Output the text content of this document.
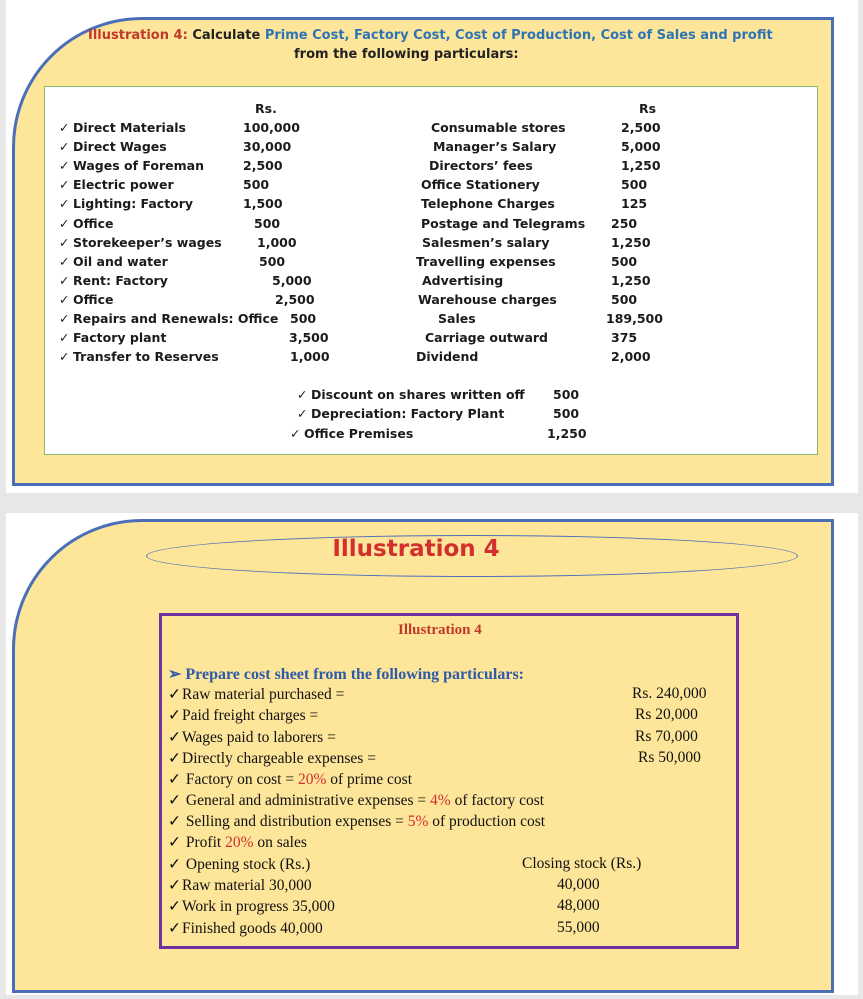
Illustration 4: Calculate Prime Cost, Factory Cost, Cost of Production, Cost of Sales and profit
from the following particulars:
Rs.	Rs
✓ Direct Materials	100,000
✓ Direct Wages	30,000
✓ Wages of Foreman	2,500
✓ Electric power	500
✓ Lighting: Factory	1,500
✓ Office	500
✓ Storekeeper’s wages	1,000
✓ Oil and water	500
✓ Rent: Factory	5,000
✓ Office	2,500
✓ Repairs and Renewals: Office 500
✓ Factory plant	3,500
✓ Transfer to Reserves	1,000
Consumable stores	2,500
Manager’s Salary	5,000
Directors’ fees	1,250
Office Stationery	500
Telephone Charges	125
Postage and Telegrams 250
Salesmen’s salary	1,250
Travelling expenses	500
Advertising	1,250
Warehouse charges	500
Sales	189,500
Carriage outward	375
Dividend	2,000
✓ Discount on shares written off 500
✓ Depreciation: Factory Plant	500
✓ Office Premises	1,250
Illustration 4
Illustration 4
➢ Prepare cost sheet from the following particulars:
✓Raw material purchased =	Rs. 240,000
✓Paid freight charges =	Rs 20,000
✓Wages paid to laborers =	Rs 70,000
✓Directly chargeable expenses =	Rs 50,000
✓ Factory on cost = 20% of prime cost
✓ General and administrative expenses = 4% of factory cost
✓ Selling and distribution expenses = 5% of production cost
✓ Profit 20% on sales
✓ Opening stock (Rs.)	Closing stock (Rs.)
✓Raw material 30,000	40,000
✓Work in progress 35,000	48,000
✓Finished goods 40,000	55,000
